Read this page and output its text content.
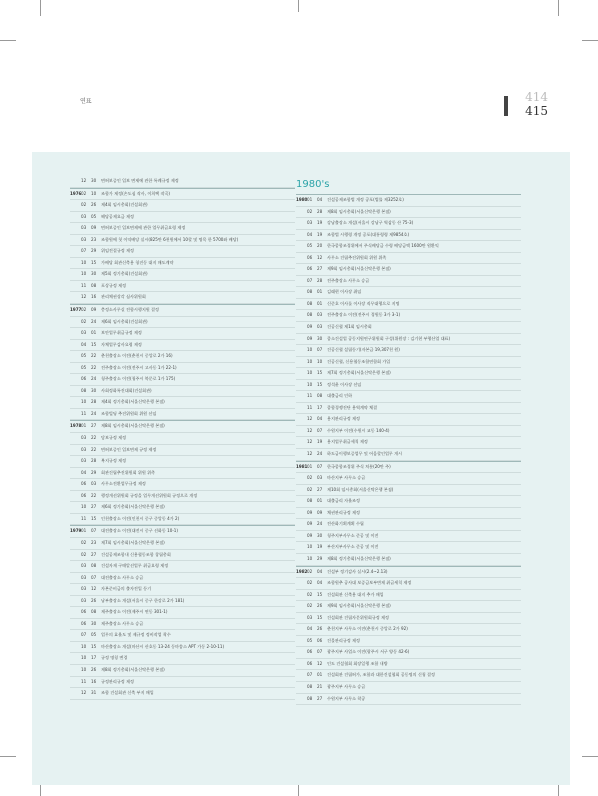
연표	414
415
12	30	면허보증인 입보 면제에 관한 특례규정 제정
1976 02	10	조합가 제정(손도심 작사, 이희택 작곡)
02	26	제4회 임시총회(건설회관)
03	05	해당공제요금 제정
03	09	면허보증인 입보면제에 관한 업무취급요령 제정
03	23	조합원에 첫 이익배당 실시(825만 6천원에서 10할 및 명목 한 5700좌 배당)
07	29	위임전결규정 제정
10	15	가배당 회관신축용 청진동 대지 매도계약
10	30	제5회 정기총회(건설회관)
11	08	포상규정 제정
12	16	관리체권상각 심사위원회
1977 02	09	충정소사무실 전합시행지원 결정
02	24	제6회 임시총회(건설회관)
03	01	보안업무취급규정 제정
04	15	자체업무감사요령 제정
05	22	춘천출장소 이전(춘천시 중앙로 2가 16)
05	22	전주출장소 이전(전주시 고사동 1가 22-1)
06	24	청주출장소 이전(청주시 북문로 1가 175)
08	30	사회정화특진대회(건설회관)
10	28	제4회 정기총회(서울신탁은행 본점)
11	24	조합빌딩 추진위원회 위원 선임
1978 01	27	제8회 임시총회(서울신탁은행 본점)
03	22	담보규정 제정
03	22	면허보증인 입보면제 규정 제정
03	28	복지규정 제정
04	29	회관건립추진위원회 위원 위촉
06	03	사무소전환업무규정 제정
06	22	행정개선위원회 규정을 업무개선위원회 규정으로 개정
10	27	제6회 정기총회(서울신탁은행 본점)
11	15	인천출장소 이전(인천시 중구 중앙동 4가 2)
1979 01	07	대전출장소 이전(대전시 중구 선화동 10-1)
02	23	제7회 임시총회(서울신탁은행 본점)
02	27	건설공제조합내 신용협동조합 창립총회
03	08	건설자재 구매알선업무 취급요령 제정
03	07	대전출장소 사무소 승급
03	12	자본준비금의 출자전입 등기
03	26	남부출장소 개설(서울시 중구 한강로 2가 181)
06	08	제주출장소 이전(제주시 연동 301-1)
06	30	제주출장소 사무소 승급
07	05	업무의 효율도 및 제규정 정비작업 착수
10	15	마산출장소 개설(마산시 산호동 13-24 동마쏭스 APT 가동 2-10-11)
10	17	규정 명칭 변경
10	26	제8회 정기총회(서울신탁은행 본점)
11	16	규정관리규정 제정
12	31	조합 건설회관 신축 부지 매입
1980's
1980 01	04	건설공제조합법 개정 공포(법률 제3252호)
02	28	제8회 임시총회(서울신탁은행 본점)
03	19	강남출장소 개설(서울시 강남구 역삼동 산 75-3)
04	19	조합법 시행령 개정 공포(대통령령 제9854호)
05	20	한국종합조경위에서 주식배당금 수령 배당금액 1600만 원환익
06	12	사무소 건립추진위원회 위원 위촉
06	27	제9회 임시총회(서울신탁은행 본점)
07	28	전주출장소 사무소 승급
08	01	김래현 이사장 취임
08	01	신준호 이사를 이사장 직무대행으로 지명
08	03	전주출장소 이전(전주시 경원동 3가 3-1)
09	03	건공신협 제1회 임시총회
09	30	종소건설업 공동지원연구위원회 구성(위원장 : 김기현 부행산업 대표)
10	07	건공신협 설립등기(자본금 19,307천 원)
10	10	건공신협, 신용협동조합연합회 가입
10	15	제7회 정기총회(서울신탁은행 본점)
10	15	정석윤 이사장 선임
11	08	대출금리 인하
11	17	종합경쟁진단 용역계약 체결
12	04	용지관리규정 제정
12	07	수원지부 이전(수원시 교동 140-4)
12	19	용지업무취급세칙 제정
12	24	하도급이행보증업무 및 어음할인업무 개시
1981 01	07	한국종합조경위 주식 처분(20만 주)
02	03	마산지부 사무소 승급
02	27	제10회 임시총회(서울신탁은행 본점)
08	01	대출금리 자율조정
09	09	채권관리규정 제정
09	24	전산화기획계획 수립
09	30	청주지부사무소 준공 및 이전
10	19	부산지부사무소 준공 및 이전
10	29	제8회 정기총회(서울신탁은행 본점)
1982 02	04	건설부 정기감사 실시(2.4~2.13)
02	04	조합원추 공사대 보증금보부변제 취급세칙 제정
02	15	건설회관 신축용 대지 추가 매입
02	26	제9회 임시총회(서울신탁은행 본점)
03	15	건설회관 건립자문위원회규정 제정
04	26	춘천지부 사무소 이전(춘천시 중앙로 2가 92)
05	06	건물관리규정 제정
06	07	광주지부 사업소 이전(광주시 서구 양동 42-6)
06	12	인도 건설협회 회장일행 조합 내방
07	01	건설회관 건립허가, 조합과 대한건설협회 공동명의 신청 결정
08	21	광주지부 사무소 승급
08	27	수원지부 사무소 착공
